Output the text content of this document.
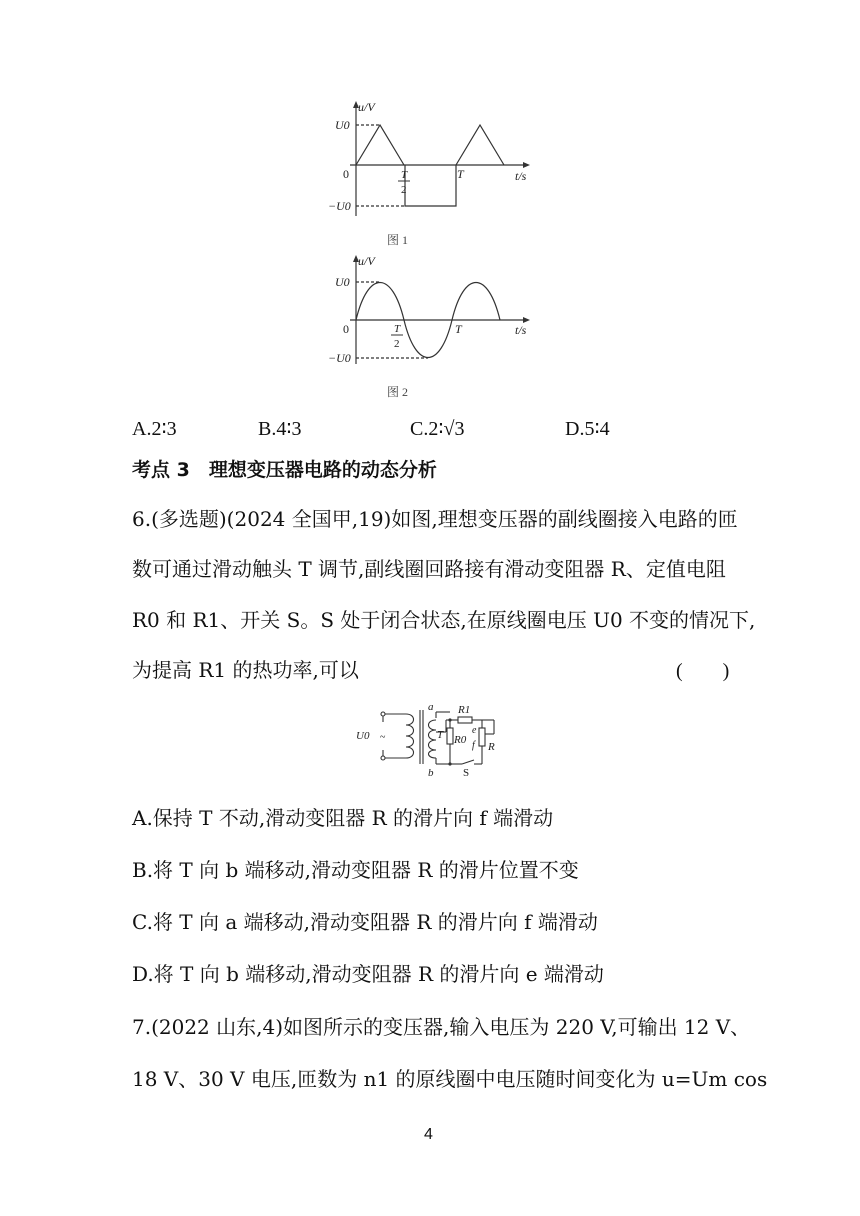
u/V
t/s
0
U0
−U0
T
2
T
图 1
u/V
t/s
0
U0
−U0
T
2
T
图 2
A.2∶3	B.4∶3	C.2∶√3	D.5∶4
考点 3　理想变压器电路的动态分析
6.(多选题)(2024 全国甲,19)如图,理想变压器的副线圈接入电路的匝
数可通过滑动触头 T 调节,副线圈回路接有滑动变阻器 R、定值电阻
R0 和 R1、开关 S。S 处于闭合状态,在原线圈电压 U0 不变的情况下,
为提高 R1 的热功率,可以	(　　)
U0 ~
a
b
T
R1
R0
e
f R
S
A.保持 T 不动,滑动变阻器 R 的滑片向 f 端滑动
B.将 T 向 b 端移动,滑动变阻器 R 的滑片位置不变
C.将 T 向 a 端移动,滑动变阻器 R 的滑片向 f 端滑动
D.将 T 向 b 端移动,滑动变阻器 R 的滑片向 e 端滑动
7.(2022 山东,4)如图所示的变压器,输入电压为 220 V,可输出 12 V、
18 V、30 V 电压,匝数为 n1 的原线圈中电压随时间变化为 u=Um cos
4
